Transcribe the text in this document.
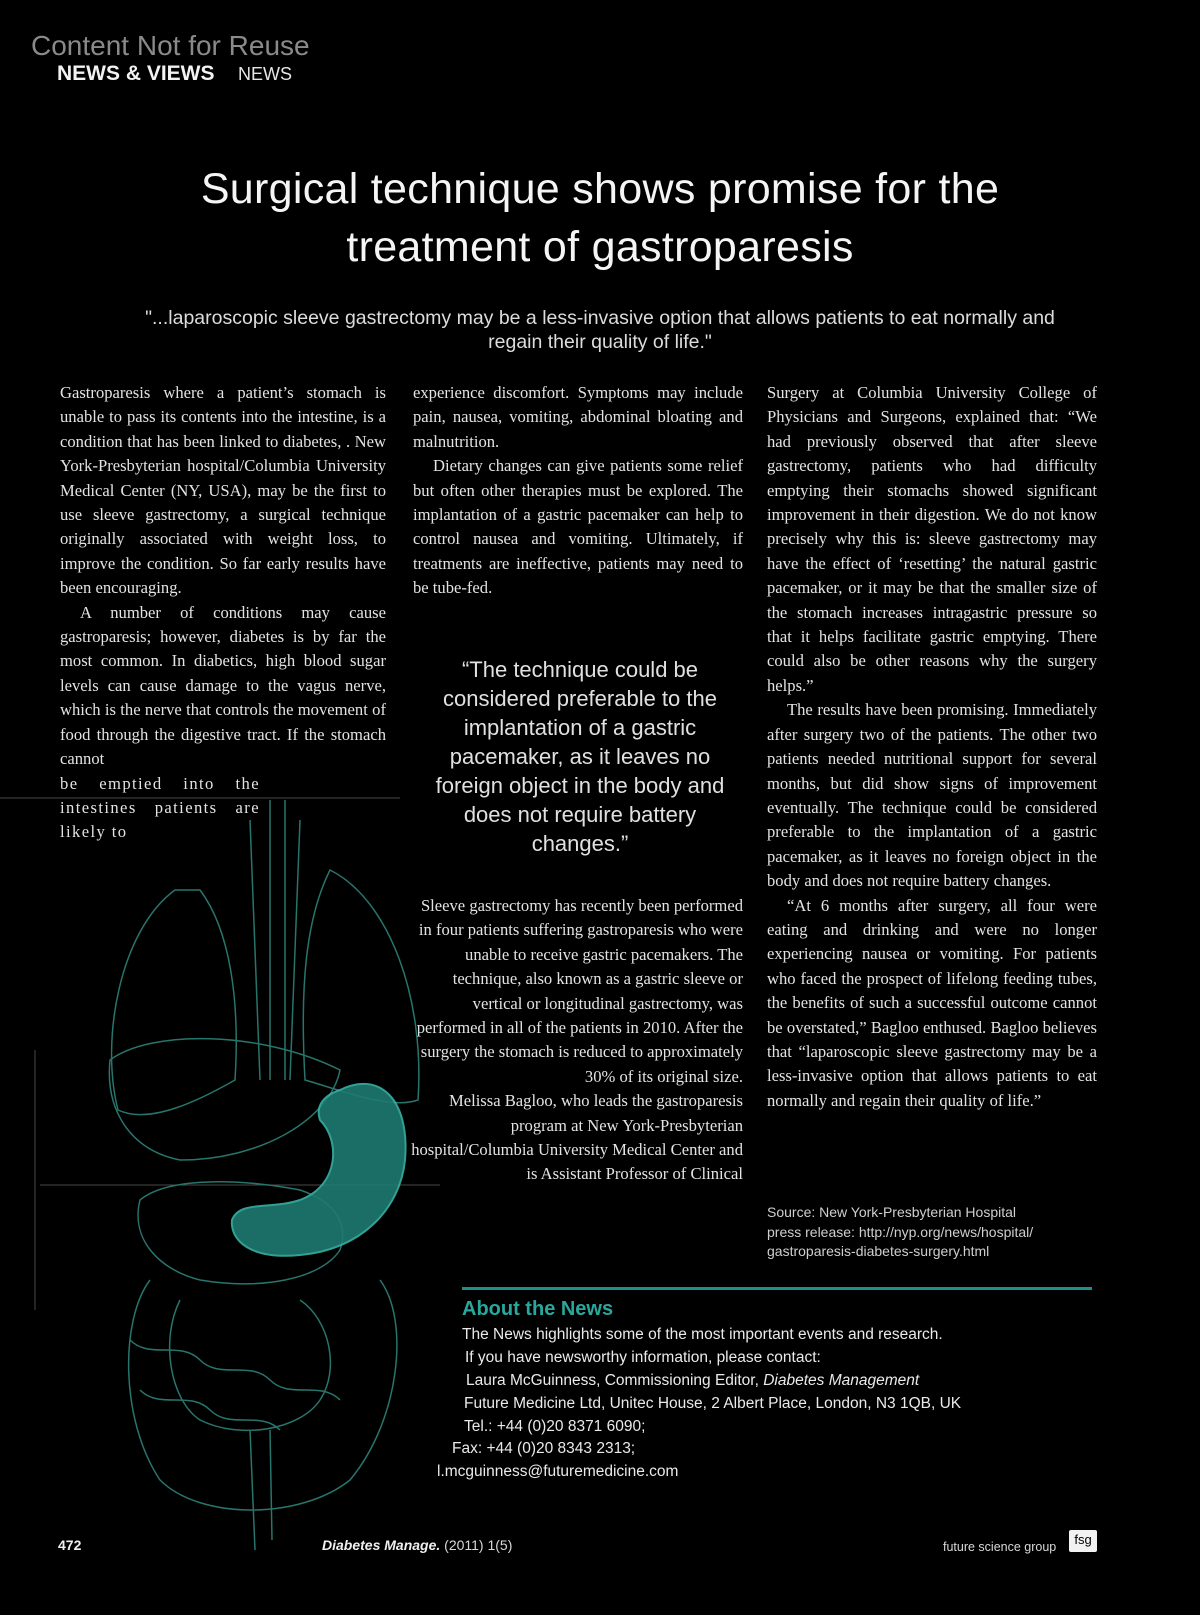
Content Not for Reuse
NEWS & VIEWS NEWS
Surgical technique shows promise for the
treatment of gastroparesis
"...laparoscopic sleeve gastrectomy may be a less-invasive option that allows patients to eat normally and
regain their quality of life."

Gastroparesis where a patient’s stomach is unable to pass its contents into the intestine, is a condition that has been linked to diabetes, . New York-Presbyterian hospital/Columbia University Medical Center (NY, USA), may be the first to use sleeve gastrectomy, a surgical technique originally associated with weight loss, to improve the condition. So far early results have been encouraging.

A number of conditions may cause gastroparesis; however, diabetes is by far the most common. In diabetics, high blood sugar levels can cause damage to the vagus nerve, which is the nerve that controls the movement of food through the digestive tract. If the stomach cannot

be emptied into the intestines patients are likely to

experience discomfort. Symptoms may include pain, nausea, vomiting, abdominal bloating and malnutrition.

Dietary changes can give patients some relief but often other therapies must be explored. The implantation of a gastric pacemaker can help to control nausea and vomiting. Ultimately, if treatments are ineffective, patients may need to be tube-fed.

“The technique could be considered preferable to the implantation of a gastric pacemaker, as it leaves no foreign object in the body and does not require battery changes.”

Sleeve gastrectomy has recently been performed in four patients suffering gastroparesis who were unable to receive gastric pacemakers. The technique, also known as a gastric sleeve or vertical or longitudinal gastrectomy, was performed in all of the patients in 2010. After the surgery the stomach is reduced to approximately 30% of its original size.

Melissa Bagloo, who leads the gastroparesis program at New York-Presbyterian hospital/Columbia University Medical Center and is Assistant Professor of Clinical

Surgery at Columbia University College of Physicians and Surgeons, explained that: “We had previously observed that after sleeve gastrectomy, patients who had difficulty emptying their stomachs showed significant improvement in their digestion. We do not know precisely why this is: sleeve gastrectomy may have the effect of ‘resetting’ the natural gastric pacemaker, or it may be that the smaller size of the stomach increases intragastric pressure so that it helps facilitate gastric emptying. There could also be other reasons why the surgery helps.”

The results have been promising. Immediately after surgery two of the patients. The other two patients needed nutritional support for several months, but did show signs of improvement eventually. The technique could be considered preferable to the implantation of a gastric pacemaker, as it leaves no foreign object in the body and does not require battery changes.

“At 6 months after surgery, all four were eating and drinking and were no longer experiencing nausea or vomiting. For patients who faced the prospect of lifelong feeding tubes, the benefits of such a successful outcome cannot be overstated,” Bagloo enthused. Bagloo believes that “laparoscopic sleeve gastrectomy may be a less-invasive option that allows patients to eat normally and regain their quality of life.”

Source: New York-Presbyterian Hospital
press release: http://nyp.org/news/hospital/
gastroparesis-diabetes-surgery.html
About the News
The News highlights some of the most important events and research.
If you have newsworthy information, please contact:
Laura McGuinness, Commissioning Editor, Diabetes Management
Future Medicine Ltd, Unitec House, 2 Albert Place, London, N3 1QB, UK
Tel.: +44 (0)20 8371 6090;
Fax: +44 (0)20 8343 2313;
l.mcguinness@futuremedicine.com
472	Diabetes Manage. (2011) 1(5)	future science group	fsg
